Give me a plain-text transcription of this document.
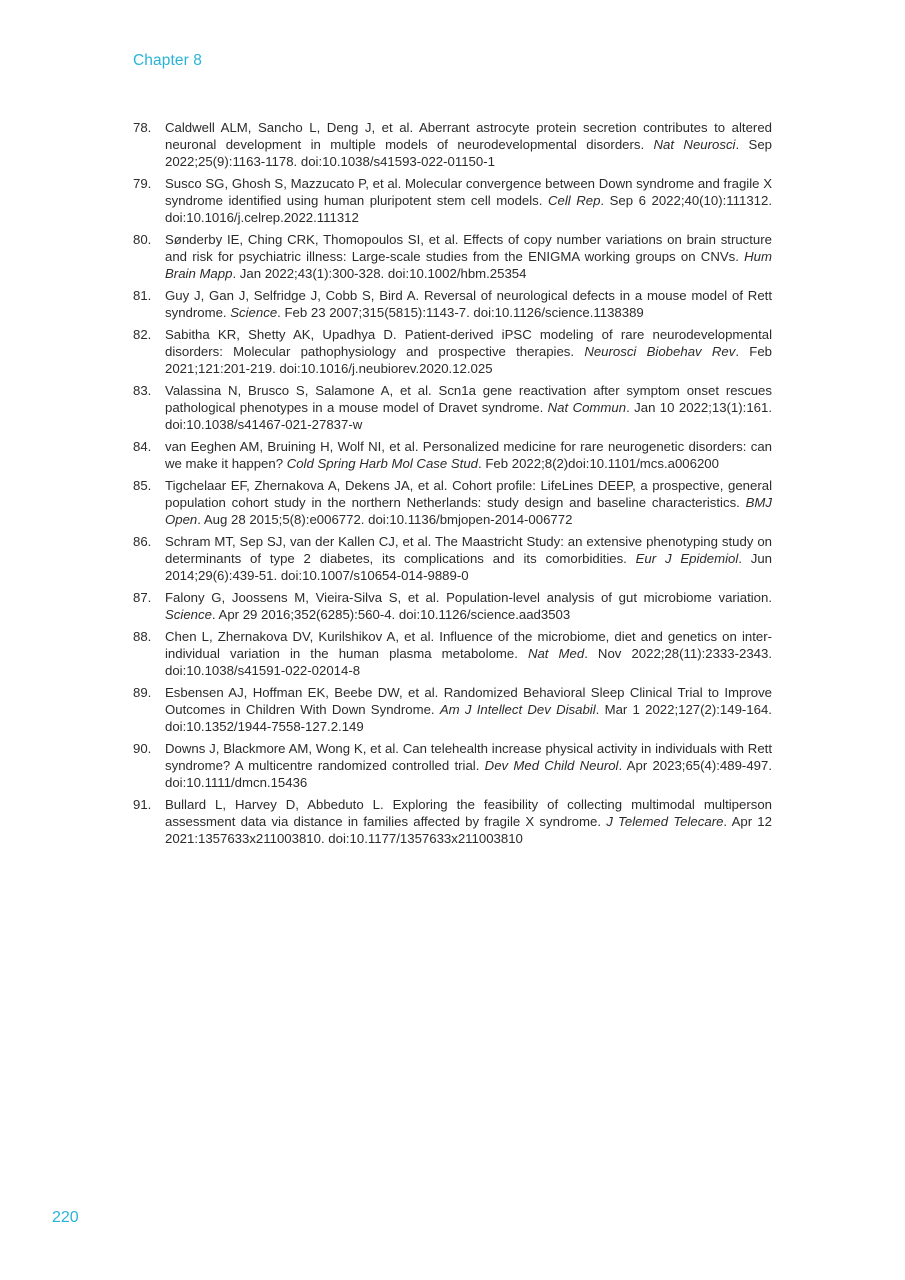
Chapter 8
78.	Caldwell ALM, Sancho L, Deng J, et al. Aberrant astrocyte protein secretion contributes to altered neuronal development in multiple models of neurodevelopmental disorders. Nat Neurosci. Sep 2022;25(9):1163-1178. doi:10.1038/s41593-022-01150-1
79.	Susco SG, Ghosh S, Mazzucato P, et al. Molecular convergence between Down syndrome and fragile X syndrome identified using human pluripotent stem cell models. Cell Rep. Sep 6 2022;40(10):111312. doi:10.1016/j.celrep.2022.111312
80.	Sønderby IE, Ching CRK, Thomopoulos SI, et al. Effects of copy number variations on brain structure and risk for psychiatric illness: Large-scale studies from the ENIGMA working groups on CNVs. Hum Brain Mapp. Jan 2022;43(1):300-328. doi:10.1002/hbm.25354
81.	Guy J, Gan J, Selfridge J, Cobb S, Bird A. Reversal of neurological defects in a mouse model of Rett syndrome. Science. Feb 23 2007;315(5815):1143-7. doi:10.1126/science.1138389
82.	Sabitha KR, Shetty AK, Upadhya D. Patient-derived iPSC modeling of rare neurodevelopmental disorders: Molecular pathophysiology and prospective therapies. Neurosci Biobehav Rev. Feb 2021;121:201-219. doi:10.1016/j.neubiorev.2020.12.025
83.	Valassina N, Brusco S, Salamone A, et al. Scn1a gene reactivation after symptom onset rescues pathological phenotypes in a mouse model of Dravet syndrome. Nat Commun. Jan 10 2022;13(1):161. doi:10.1038/s41467-021-27837-w
84.	van Eeghen AM, Bruining H, Wolf NI, et al. Personalized medicine for rare neurogenetic disorders: can we make it happen? Cold Spring Harb Mol Case Stud. Feb 2022;8(2)doi:10.1101/mcs.a006200
85.	Tigchelaar EF, Zhernakova A, Dekens JA, et al. Cohort profile: LifeLines DEEP, a prospective, general population cohort study in the northern Netherlands: study design and baseline characteristics. BMJ Open. Aug 28 2015;5(8):e006772. doi:10.1136/bmjopen-2014-006772
86.	Schram MT, Sep SJ, van der Kallen CJ, et al. The Maastricht Study: an extensive phenotyping study on determinants of type 2 diabetes, its complications and its comorbidities. Eur J Epidemiol. Jun 2014;29(6):439-51. doi:10.1007/s10654-014-9889-0
87.	Falony G, Joossens M, Vieira-Silva S, et al. Population-level analysis of gut microbiome variation. Science. Apr 29 2016;352(6285):560-4. doi:10.1126/science.aad3503
88.	Chen L, Zhernakova DV, Kurilshikov A, et al. Influence of the microbiome, diet and genetics on inter-individual variation in the human plasma metabolome. Nat Med. Nov 2022;28(11):2333-2343. doi:10.1038/s41591-022-02014-8
89.	Esbensen AJ, Hoffman EK, Beebe DW, et al. Randomized Behavioral Sleep Clinical Trial to Improve Outcomes in Children With Down Syndrome. Am J Intellect Dev Disabil. Mar 1 2022;127(2):149-164. doi:10.1352/1944-7558-127.2.149
90.	Downs J, Blackmore AM, Wong K, et al. Can telehealth increase physical activity in individuals with Rett syndrome? A multicentre randomized controlled trial. Dev Med Child Neurol. Apr 2023;65(4):489-497. doi:10.1111/dmcn.15436
91.	Bullard L, Harvey D, Abbeduto L. Exploring the feasibility of collecting multimodal multiperson assessment data via distance in families affected by fragile X syndrome. J Telemed Telecare. Apr 12 2021:1357633x211003810. doi:10.1177/1357633x211003810
220
